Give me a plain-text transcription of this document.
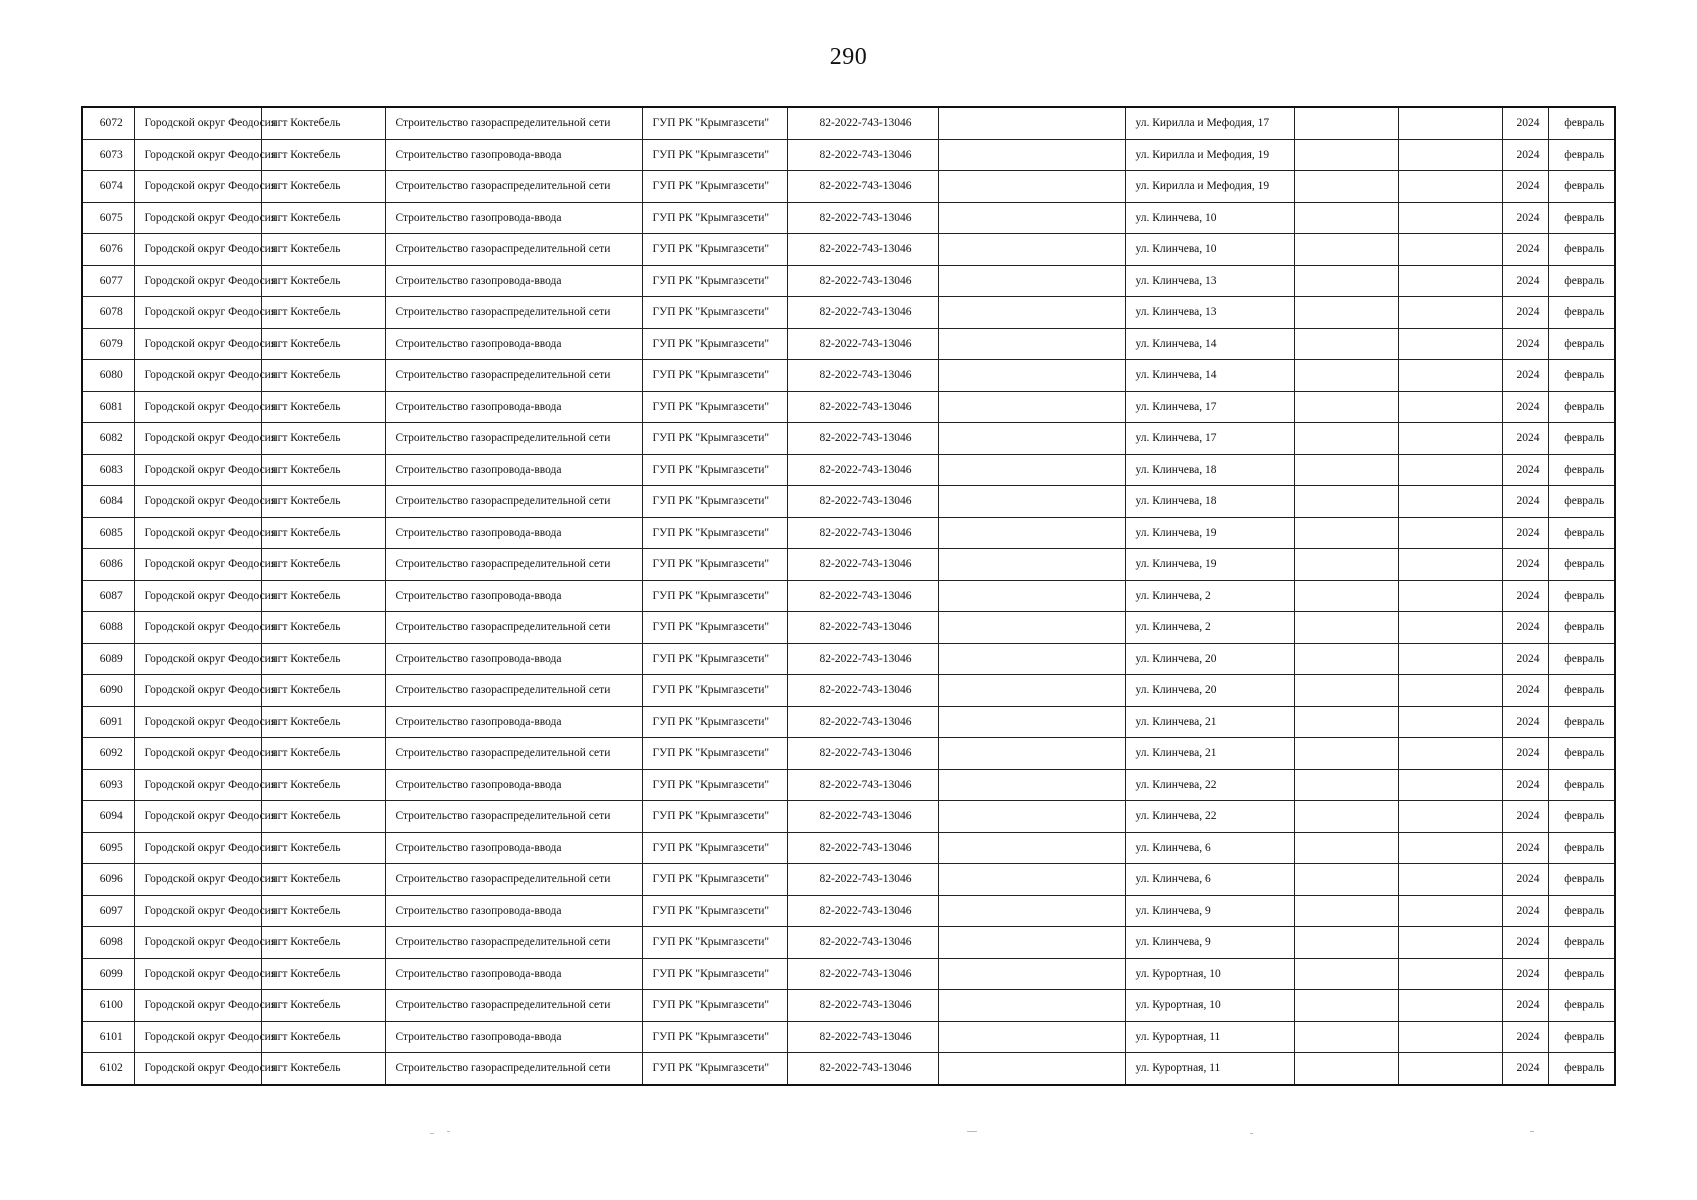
290
6072	Городской округ Феодосия	пгт Коктебель	Строительство газораспределительной сети	ГУП РК "Крымгазсети"	82-2022-743-13046		ул. Кирилла и Мефодия, 17			2024	февраль
6073	Городской округ Феодосия	пгт Коктебель	Строительство газопровода-ввода	ГУП РК "Крымгазсети"	82-2022-743-13046		ул. Кирилла и Мефодия, 19			2024	февраль
6074	Городской округ Феодосия	пгт Коктебель	Строительство газораспределительной сети	ГУП РК "Крымгазсети"	82-2022-743-13046		ул. Кирилла и Мефодия, 19			2024	февраль
6075	Городской округ Феодосия	пгт Коктебель	Строительство газопровода-ввода	ГУП РК "Крымгазсети"	82-2022-743-13046		ул. Клинчева, 10			2024	февраль
6076	Городской округ Феодосия	пгт Коктебель	Строительство газораспределительной сети	ГУП РК "Крымгазсети"	82-2022-743-13046		ул. Клинчева, 10			2024	февраль
6077	Городской округ Феодосия	пгт Коктебель	Строительство газопровода-ввода	ГУП РК "Крымгазсети"	82-2022-743-13046		ул. Клинчева, 13			2024	февраль
6078	Городской округ Феодосия	пгт Коктебель	Строительство газораспределительной сети	ГУП РК "Крымгазсети"	82-2022-743-13046		ул. Клинчева, 13			2024	февраль
6079	Городской округ Феодосия	пгт Коктебель	Строительство газопровода-ввода	ГУП РК "Крымгазсети"	82-2022-743-13046		ул. Клинчева, 14			2024	февраль
6080	Городской округ Феодосия	пгт Коктебель	Строительство газораспределительной сети	ГУП РК "Крымгазсети"	82-2022-743-13046		ул. Клинчева, 14			2024	февраль
6081	Городской округ Феодосия	пгт Коктебель	Строительство газопровода-ввода	ГУП РК "Крымгазсети"	82-2022-743-13046		ул. Клинчева, 17			2024	февраль
6082	Городской округ Феодосия	пгт Коктебель	Строительство газораспределительной сети	ГУП РК "Крымгазсети"	82-2022-743-13046		ул. Клинчева, 17			2024	февраль
6083	Городской округ Феодосия	пгт Коктебель	Строительство газопровода-ввода	ГУП РК "Крымгазсети"	82-2022-743-13046		ул. Клинчева, 18			2024	февраль
6084	Городской округ Феодосия	пгт Коктебель	Строительство газораспределительной сети	ГУП РК "Крымгазсети"	82-2022-743-13046		ул. Клинчева, 18			2024	февраль
6085	Городской округ Феодосия	пгт Коктебель	Строительство газопровода-ввода	ГУП РК "Крымгазсети"	82-2022-743-13046		ул. Клинчева, 19			2024	февраль
6086	Городской округ Феодосия	пгт Коктебель	Строительство газораспределительной сети	ГУП РК "Крымгазсети"	82-2022-743-13046		ул. Клинчева, 19			2024	февраль
6087	Городской округ Феодосия	пгт Коктебель	Строительство газопровода-ввода	ГУП РК "Крымгазсети"	82-2022-743-13046		ул. Клинчева, 2			2024	февраль
6088	Городской округ Феодосия	пгт Коктебель	Строительство газораспределительной сети	ГУП РК "Крымгазсети"	82-2022-743-13046		ул. Клинчева, 2			2024	февраль
6089	Городской округ Феодосия	пгт Коктебель	Строительство газопровода-ввода	ГУП РК "Крымгазсети"	82-2022-743-13046		ул. Клинчева, 20			2024	февраль
6090	Городской округ Феодосия	пгт Коктебель	Строительство газораспределительной сети	ГУП РК "Крымгазсети"	82-2022-743-13046		ул. Клинчева, 20			2024	февраль
6091	Городской округ Феодосия	пгт Коктебель	Строительство газопровода-ввода	ГУП РК "Крымгазсети"	82-2022-743-13046		ул. Клинчева, 21			2024	февраль
6092	Городской округ Феодосия	пгт Коктебель	Строительство газораспределительной сети	ГУП РК "Крымгазсети"	82-2022-743-13046		ул. Клинчева, 21			2024	февраль
6093	Городской округ Феодосия	пгт Коктебель	Строительство газопровода-ввода	ГУП РК "Крымгазсети"	82-2022-743-13046		ул. Клинчева, 22			2024	февраль
6094	Городской округ Феодосия	пгт Коктебель	Строительство газораспределительной сети	ГУП РК "Крымгазсети"	82-2022-743-13046		ул. Клинчева, 22			2024	февраль
6095	Городской округ Феодосия	пгт Коктебель	Строительство газопровода-ввода	ГУП РК "Крымгазсети"	82-2022-743-13046		ул. Клинчева, 6			2024	февраль
6096	Городской округ Феодосия	пгт Коктебель	Строительство газораспределительной сети	ГУП РК "Крымгазсети"	82-2022-743-13046		ул. Клинчева, 6			2024	февраль
6097	Городской округ Феодосия	пгт Коктебель	Строительство газопровода-ввода	ГУП РК "Крымгазсети"	82-2022-743-13046		ул. Клинчева, 9			2024	февраль
6098	Городской округ Феодосия	пгт Коктебель	Строительство газораспределительной сети	ГУП РК "Крымгазсети"	82-2022-743-13046		ул. Клинчева, 9			2024	февраль
6099	Городской округ Феодосия	пгт Коктебель	Строительство газопровода-ввода	ГУП РК "Крымгазсети"	82-2022-743-13046		ул. Курортная, 10			2024	февраль
6100	Городской округ Феодосия	пгт Коктебель	Строительство газораспределительной сети	ГУП РК "Крымгазсети"	82-2022-743-13046		ул. Курортная, 10			2024	февраль
6101	Городской округ Феодосия	пгт Коктебель	Строительство газопровода-ввода	ГУП РК "Крымгазсети"	82-2022-743-13046		ул. Курортная, 11			2024	февраль
6102	Городской округ Феодосия	пгт Коктебель	Строительство газораспределительной сети	ГУП РК "Крымгазсети"	82-2022-743-13046		ул. Курортная, 11			2024	февраль
